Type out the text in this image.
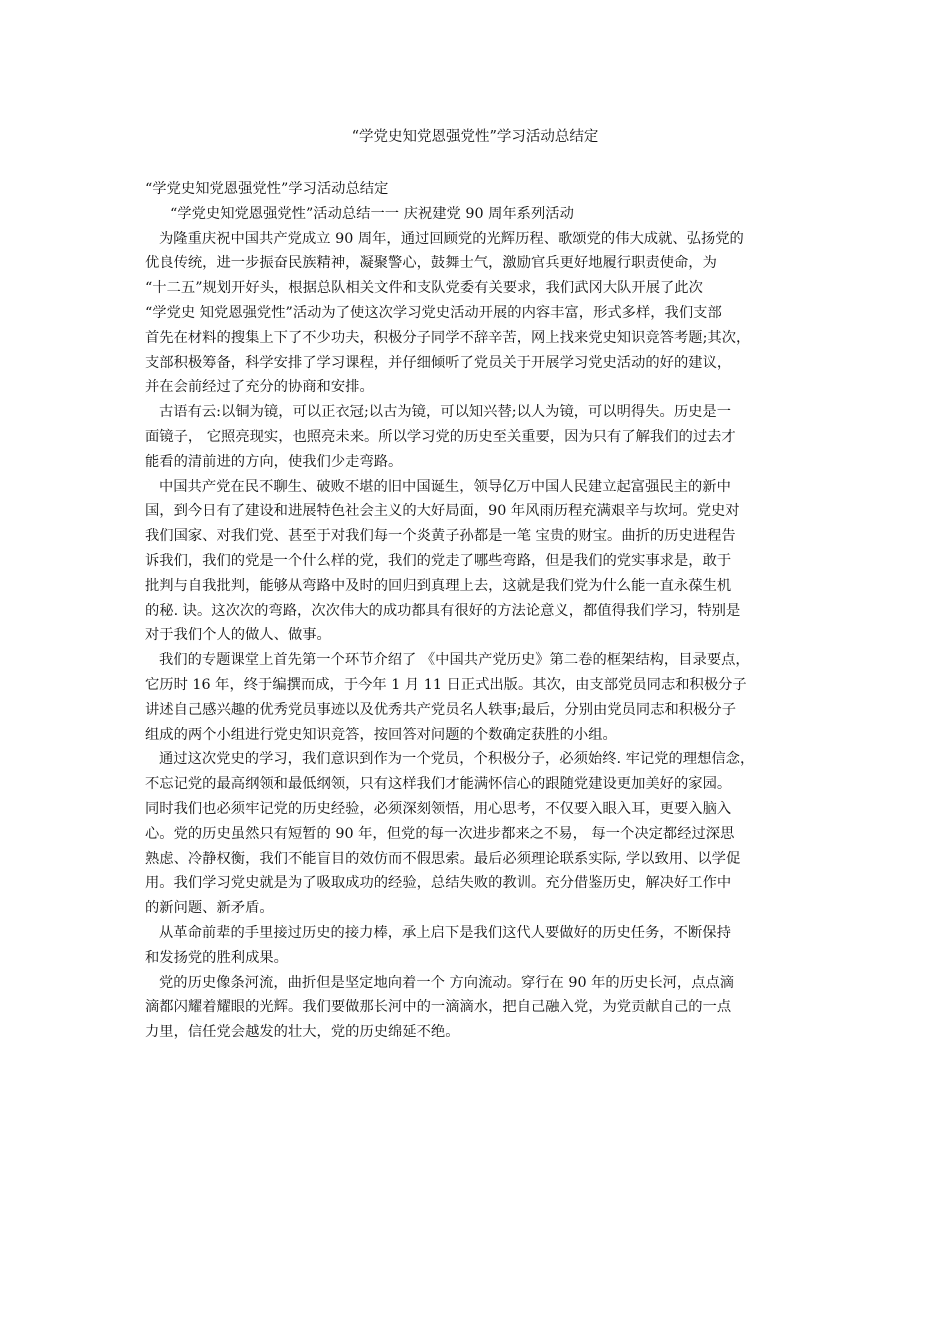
“学党史知党恩强党性”学习活动总结定
“学党史知党恩强党性”学习活动总结定
“学党史知党恩强党性”活动总结一一 庆祝建党 90 周年系列活动
为隆重庆祝中国共产党成立 90 周年，通过回顾党的光辉历程、歌颂党的伟大成就、弘扬党的
优良传统，进一步振奋民族精神，凝聚警心，鼓舞士气，激励官兵更好地履行职责使命，为
“十二五”规划开好头，根据总队相关文件和支队党委有关要求，我们武冈大队开展了此次
“学党史 知党恩强党性”活动为了使这次学习党史活动开展的内容丰富，形式多样，我们支部
首先在材料的搜集上下了不少功夫，积极分子同学不辞辛苦，网上找来党史知识竞答考题;其次，
支部积极筹备，科学安排了学习课程，并仔细倾听了党员关于开展学习党史活动的好的建议，
并在会前经过了充分的协商和安排。
古语有云:以铜为镜，可以正衣冠;以古为镜，可以知兴替;以人为镜，可以明得失。历史是一
面镜子， 它照亮现实，也照亮未来。所以学习党的历史至关重要，因为只有了解我们的过去才
能看的清前进的方向，使我们少走弯路。
中国共产党在民不聊生、破败不堪的旧中国诞生，领导亿万中国人民建立起富强民主的新中
国，到今日有了建设和进展特色社会主义的大好局面，90 年风雨历程充满艰辛与坎坷。党史对
我们国家、对我们党、甚至于对我们每一个炎黄子孙都是一笔 宝贵的财宝。曲折的历史进程告
诉我们，我们的党是一个什么样的党，我们的党走了哪些弯路，但是我们的党实事求是，敢于
批判与自我批判，能够从弯路中及时的回归到真理上去，这就是我们党为什么能一直永葆生机
的秘. 诀。这次次的弯路，次次伟大的成功都具有很好的方法论意义，都值得我们学习，特别是
对于我们个人的做人、做事。
我们的专题课堂上首先第一个环节介绍了 《中国共产党历史》第二卷的框架结构，目录要点，
它历时 16 年，终于编撰而成，于今年 1 月 11 日正式出版。其次，由支部党员同志和积极分子
讲述自己感兴趣的优秀党员事迹以及优秀共产党员名人轶事;最后，分别由党员同志和积极分子
组成的两个小组进行党史知识竞答，按回答对问题的个数确定获胜的小组。
通过这次党史的学习，我们意识到作为一个党员，个积极分子，必须始终. 牢记党的理想信念，
不忘记党的最高纲领和最低纲领，只有这样我们才能满怀信心的跟随党建设更加美好的家园。
同时我们也必须牢记党的历史经验，必须深刻领悟，用心思考，不仅要入眼入耳，更要入脑入
心。党的历史虽然只有短暂的 90 年，但党的每一次进步都来之不易， 每一个决定都经过深思
熟虑、冷静权衡，我们不能盲目的效仿而不假思索。最后必须理论联系实际, 学以致用、以学促
用。我们学习党史就是为了吸取成功的经验，总结失败的教训。充分借鉴历史，解决好工作中
的新问题、新矛盾。
从革命前辈的手里接过历史的接力棒，承上启下是我们这代人要做好的历史任务，不断保持
和发扬党的胜利成果。
党的历史像条河流，曲折但是坚定地向着一个 方向流动。穿行在 90 年的历史长河，点点滴
滴都闪耀着耀眼的光辉。我们要做那长河中的一滴滴水，把自己融入党，为党贡献自己的一点
力里，信任党会越发的壮大，党的历史绵延不绝。
